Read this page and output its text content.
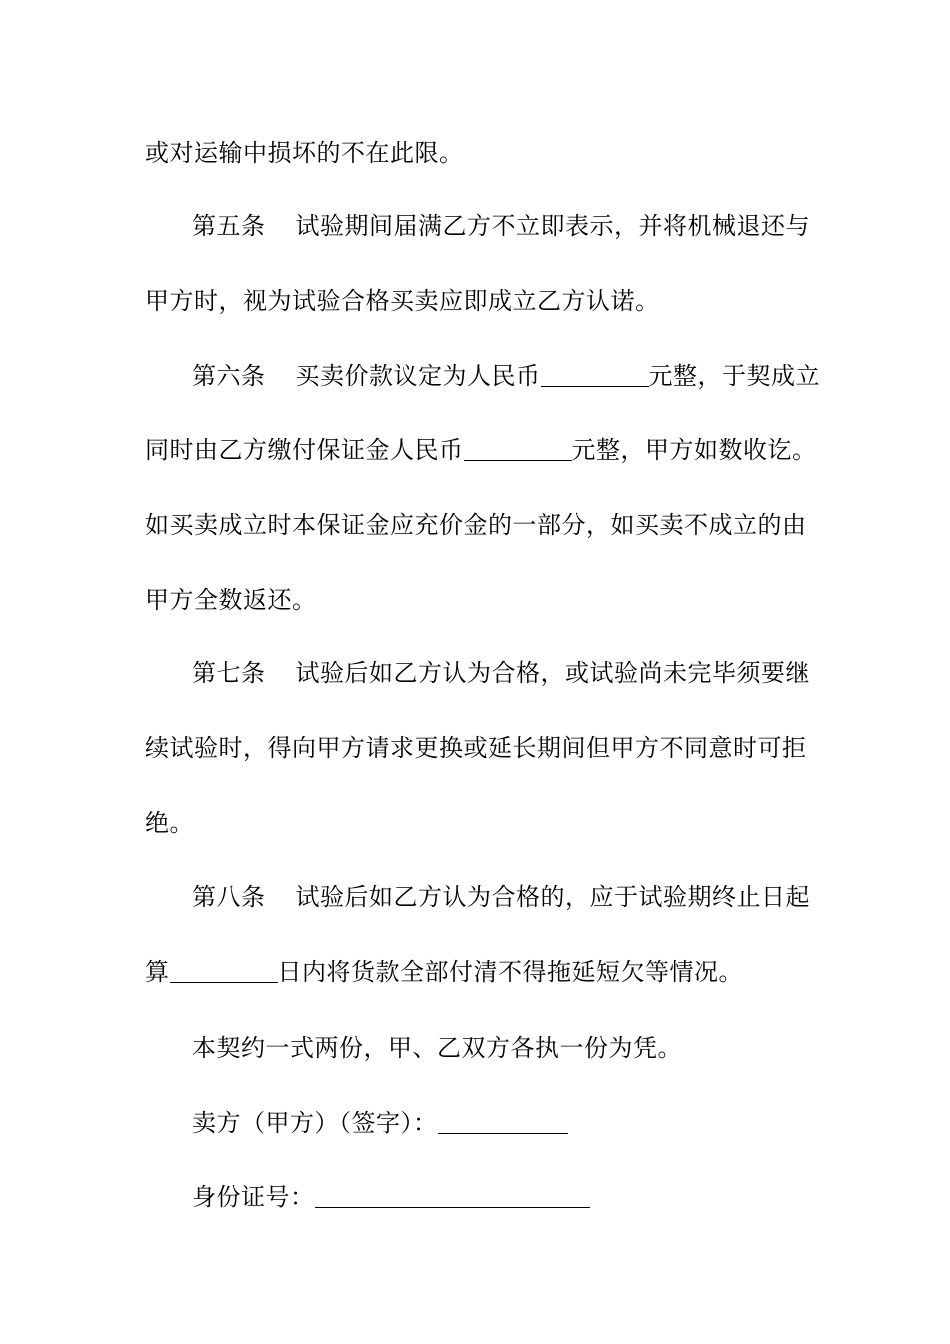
或对运输中损坏的不在此限。
第五条 试验期间届满乙方不立即表示，并将机械退还与
甲方时，视为试验合格买卖应即成立乙方认诺。
第六条 买卖价款议定为人民币	元整，于契成立
同时由乙方缴付保证金人民币	元整，甲方如数收讫。
如买卖成立时本保证金应充价金的一部分，如买卖不成立的由
甲方全数返还。
第七条 试验后如乙方认为合格，或试验尚未完毕须要继
续试验时，得向甲方请求更换或延长期间但甲方不同意时可拒
绝。
第八条 试验后如乙方认为合格的，应于试验期终止日起
算	日内将货款全部付清不得拖延短欠等情况。
本契约一式两份，甲、乙双方各执一份为凭。
卖方（甲方）（签字）：
身份证号：
